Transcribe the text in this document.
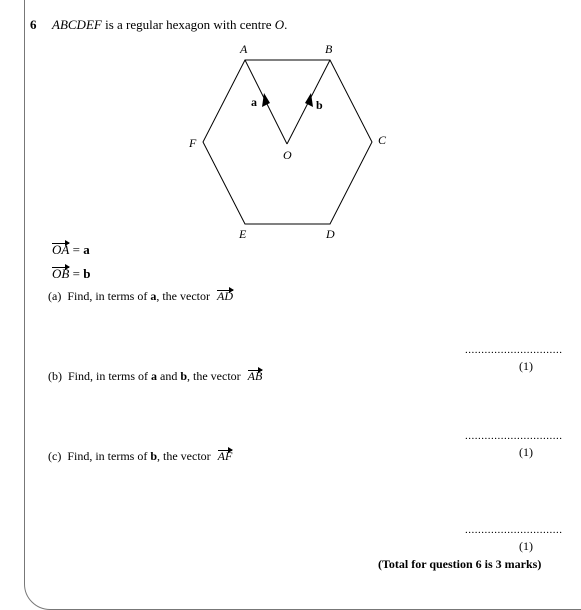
6 ABCDEF is a regular hexagon with centre O.
A	B
C
D
E
F
O
a	b
OA = a
OB = b
(a) Find, in terms of a, the vector AD
..............................
(1)
(b) Find, in terms of a and b, the vector AB
..............................
(1)
(c) Find, in terms of b, the vector AF
..............................
(1)
(Total for question 6 is 3 marks)
